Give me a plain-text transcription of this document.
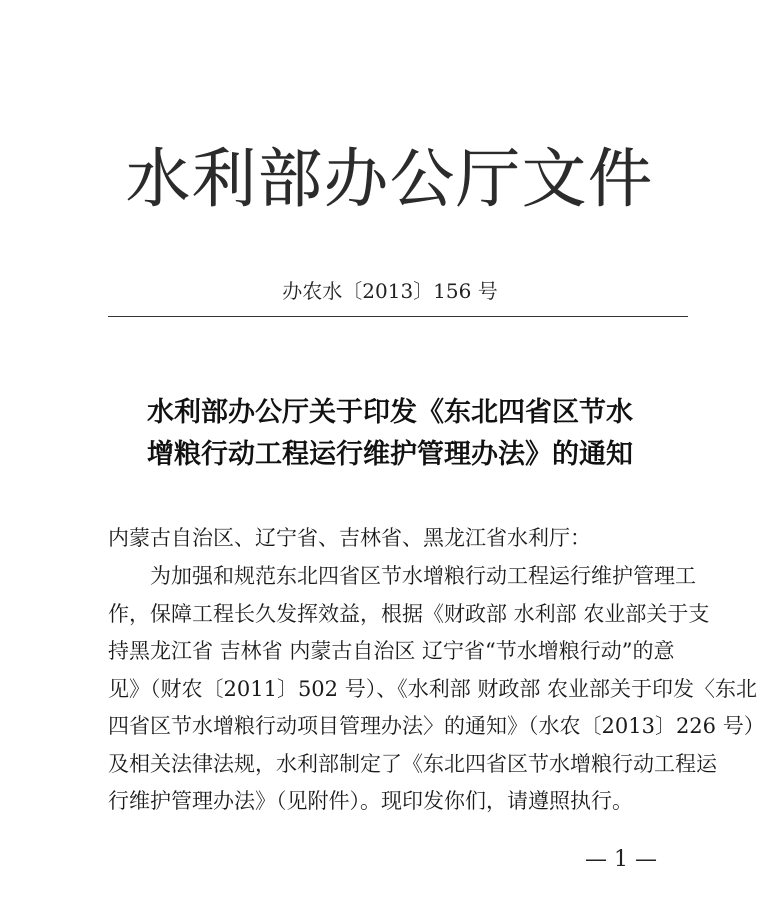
水利部办公厅文件
办农水〔2013〕156 号
水利部办公厅关于印发《东北四省区节水
增粮行动工程运行维护管理办法》的通知
内蒙古自治区、辽宁省、吉林省、黑龙江省水利厅：
为加强和规范东北四省区节水增粮行动工程运行维护管理工
作，保障工程长久发挥效益，根据《财政部 水利部 农业部关于支
持黑龙江省 吉林省 内蒙古自治区 辽宁省“节水增粮行动”的意
见》（财农〔2011〕502 号）、《水利部 财政部 农业部关于印发〈东北
四省区节水增粮行动项目管理办法〉的通知》（水农〔2013〕226 号）
及相关法律法规，水利部制定了《东北四省区节水增粮行动工程运
行维护管理办法》（见附件）。现印发你们，请遵照执行。
— 1 —
